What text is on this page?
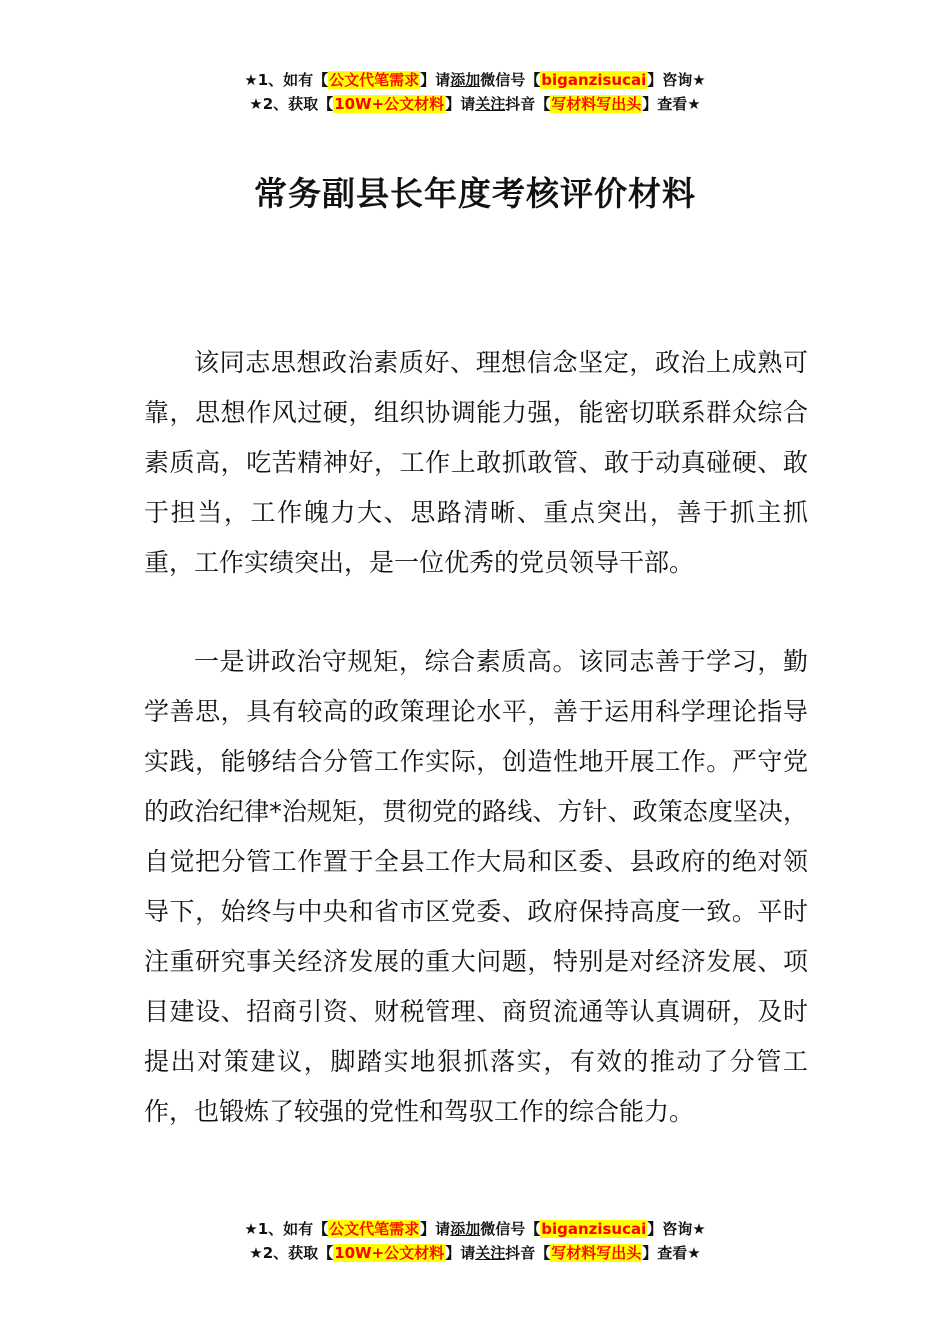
★1、如有【公文代笔需求】请添加微信号【biganzisucai】咨询★
★2、获取【10W+公文材料】请关注抖音【写材料写出头】查看★
常务副县长年度考核评价材料

该同志思想政治素质好、理想信念坚定，政治上成熟可靠，思想作风过硬，组织协调能力强，能密切联系群众综合素质高，吃苦精神好，工作上敢抓敢管、敢于动真碰硬、敢于担当，工作魄力大、思路清晰、重点突出，善于抓主抓重，工作实绩突出，是一位优秀的党员领导干部。

一是讲政治守规矩，综合素质高。该同志善于学习，勤学善思，具有较高的政策理论水平，善于运用科学理论指导实践，能够结合分管工作实际，创造性地开展工作。严守党的政治纪律*治规矩，贯彻党的路线、方针、政策态度坚决，自觉把分管工作置于全县工作大局和区委、县政府的绝对领导下，始终与中央和省市区党委、政府保持高度一致。平时注重研究事关经济发展的重大问题，特别是对经济发展、项目建设、招商引资、财税管理、商贸流通等认真调研，及时提出对策建议，脚踏实地狠抓落实，有效的推动了分管工作，也锻炼了较强的党性和驾驭工作的综合能力。

★1、如有【公文代笔需求】请添加微信号【biganzisucai】咨询★
★2、获取【10W+公文材料】请关注抖音【写材料写出头】查看★
